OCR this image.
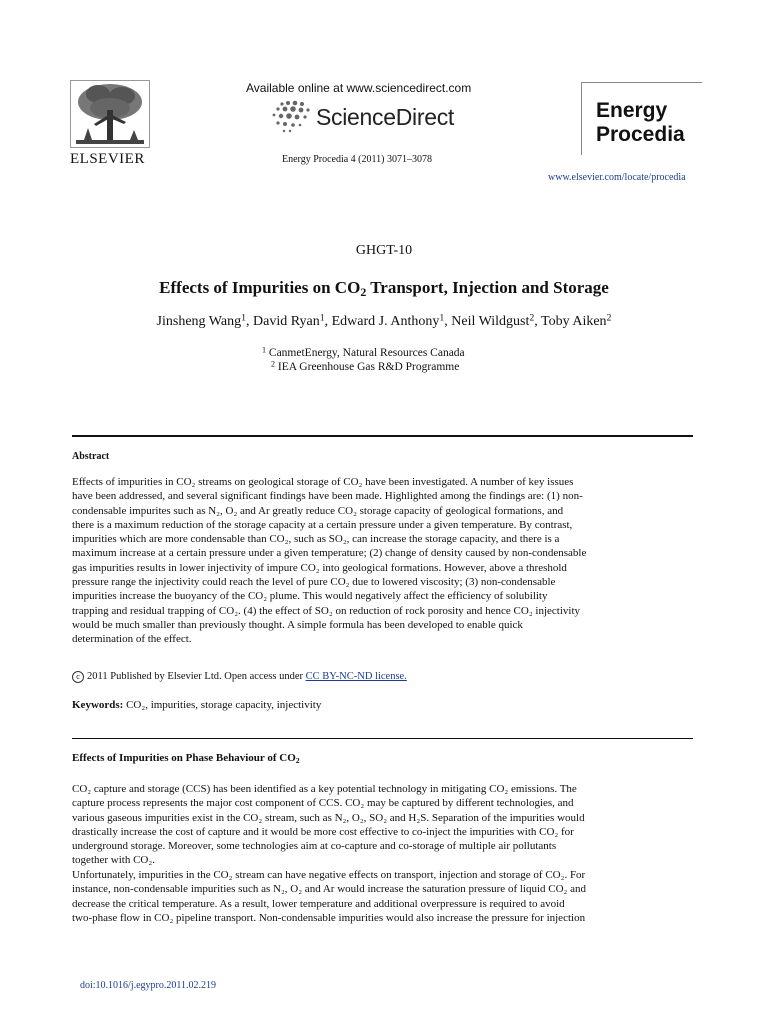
Available online at www.sciencedirect.com
ScienceDirect
ELSEVIER	Energy Procedia 4 (2011) 3071–3078
Energy
Procedia
www.elsevier.com/locate/procedia
GHGT-10
Effects of Impurities on $CO_2$ Transport, Injection and Storage
Jinsheng Wang$^1$, David Ryan$^1$, Edward J. Anthony$^1$, Neil Wildgust$^2$, Toby Aiken$^2$
$^1$ CanmetEnergy, Natural Resources Canada
$^2$ IEA Greenhouse Gas R&D Programme
Abstract
Effects of impurities in CO₂ streams on geological storage of CO₂ have been investigated. A number of key issues
have been addressed, and several significant findings have been made. Highlighted among the findings are: (1) non-
condensable impurites such as N₂, O₂ and Ar greatly reduce CO₂ storage capacity of geological formations, and
there is a maximum reduction of the storage capacity at a certain pressure under a given temperature. By contrast,
impurities which are more condensable than CO₂, such as SO₂, can increase the storage capacity, and there is a
maximum increase at a certain pressure under a given temperature; (2) change of density caused by non-condensable
gas impurities results in lower injectivity of impure CO₂ into geological formations. However, above a threshold
pressure range the injectivity could reach the level of pure CO₂ due to lowered viscosity; (3) non-condensable
impurities increase the buoyancy of the CO₂ plume. This would negatively affect the efficiency of solubility
trapping and residual trapping of CO₂. (4) the effect of SO₂ on reduction of rock porosity and hence CO₂ injectivity
would be much smaller than previously thought. A simple formula has been developed to enable quick
determination of the effect.
c 2011 Published by Elsevier Ltd. Open access under CC BY-NC-ND license.
Keywords: CO₂, impurities, storage capacity, injectivity
Effects of Impurities on Phase Behaviour of $CO_2$
CO₂ capture and storage (CCS) has been identified as a key potential technology in mitigating CO₂ emissions. The
capture process represents the major cost component of CCS. CO₂ may be captured by different technologies, and
various gaseous impurities exist in the CO₂ stream, such as N₂, O₂, SO₂ and H₂S. Separation of the impurities would
drastically increase the cost of capture and it would be more cost effective to co-inject the impurities with CO₂ for
underground storage. Moreover, some technologies aim at co-capture and co-storage of multiple air pollutants
together with CO₂.
Unfortunately, impurities in the CO₂ stream can have negative effects on transport, injection and storage of CO₂. For
instance, non-condensable impurities such as N₂, O₂ and Ar would increase the saturation pressure of liquid CO₂ and
decrease the critical temperature. As a result, lower temperature and additional overpressure is required to avoid
two-phase flow in CO₂ pipeline transport. Non-condensable impurities would also increase the pressure for injection
doi:10.1016/j.egypro.2011.02.219
